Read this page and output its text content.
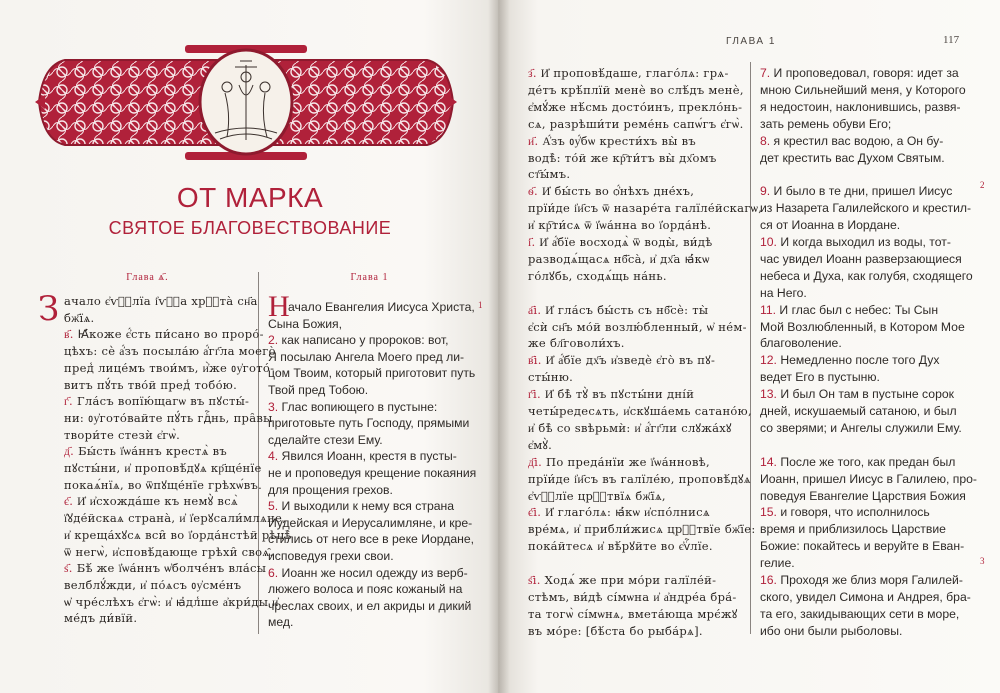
ОТ МАРКА
СВЯТОЕ БЛАГОВЕСТВОВАНИЕ
Глава ѧ҃.	Глава 1
З ачало є҆ѵⷢ҇лїа і҆ѵⷭ҇а хрⷭ҇та̀ сн҃а
бж҃їѧ.
в҃. Ꙗ҆́коже є҆́сть пи́сано во проро́-
цѣхъ: сѐ а҆́зъ посыла́ю а҆́гг҃ла моего̀
пред̾ лице́мъ твои́мъ, и҆̀же ᲂу҆гото́-
витъ пꙋ́ть тво́й пред̾ тобо́ю.
г҃. Гла́съ вопїю́щагѡ въ пꙋсты́-
ни: ᲂу҆гото́вайте пꙋ́ть гдⷭ҇нь, пра̑вы
твори́те стезѝ є҆гѡ̀.
д҃. Бы́сть ї҆ѡа́ннъ крестѧ̀ въ
пꙋсты́ни, и҆ проповѣ́дꙋѧ кр҃ще́нїе
покаѧ́нїѧ, во ѿпꙋще́нїе грѣхѡ́въ.
є҃. И҆ и҆схожда́ше къ немꙋ̀ всѧ̀
ї҆ꙋде́йскаѧ страна̀, и҆ ї҆ерꙋсали́млѧне,
и҆ креща́хꙋсѧ вси̑ во ї҆орда́нстѣй рѣцѣ̀
ѿ негѡ̀, и҆сповѣ́дающе грѣхи̑ своѧ̑.
ѕ҃. Бѣ́ же ї҆ѡа́ннъ ѡ҆болче́нъ вла́сы
велблꙋ́жди, и҆ по́ѧсъ ᲂу҆сме́нъ
ѡ҆ чре́слѣхъ є҆гѡ̀: и҆ ꙗ҆дл̾ше а҆кри́ды и҆
ме́дъ ди́вїй.
Н
ачало Евангелия Иисуса Христа,
Сына Божия,
2. как написано у пророков: вот,
Я посылаю Ангела Моего пред ли-
цом Твоим, который приготовит путь
Твой пред Тобою.
3. Глас вопиющего в пустыне:
приготовьте путь Господу, прямыми
сделайте стези Ему.
4. Явился Иоанн, крестя в пусты-
не и проповедуя крещение покаяния
для прощения грехов.
5. И выходили к нему вся страна
Иудейская и Иерусалимляне, и кре-
стились от него все в реке Иордане,
исповедуя грехи свои.
6. Иоанн же носил одежду из верб-
люжего волоса и пояс кожаный на
чреслах своих, и ел акриды и дикий
мед.
1
ГЛАВА 1	117
з҃. И҆ проповѣ́даше, глаго́лѧ: грѧ-
де́тъ крѣ́плїй менѐ во слѣ́дъ менѐ,
є҆мꙋ́же нѣ́смь досто́инъ, прекло́нь-
сѧ, разрѣши́ти реме́нь сапѡ́гъ є҆гѡ̀.
и҃. А҆́зъ ᲂу҆́бѡ крести́хъ вы̀ въ
водѣ̀: то́й же кр҇ти́тъ вы̀ дх҃омъ
ст҃ы́мъ.
ѳ҃. И҆ бы́сть во ѻ҆́нѣхъ дне́хъ,
прїи́де і҆и҃съ ѿ назаре́та галїле́йскагѡ,
и҆ кр҇ти́сѧ ѿ ї҆ѡа́нна во ї҆орда́нѣ.
і҃. И҆ а҆́бїе восходѧ̀ ѿ воды̀, ви́дѣ
разводѧ́щасѧ нб҃са̀, и҆ дх҃а ꙗ҆́кѡ
го́лꙋбь, сходѧ́щь на́нь.
а҃i. И҆ гла́съ бы́сть съ нб҃сѐ: ты̀
є҆сѝ сн҃ъ мо́й возлю́бленный, ѡ҆ не́м-
же бл҃говоли́хъ.
в҃i. И҆ а҆́бїе дх҃ъ и҆зведѐ є҆го̀ въ пꙋ-
сты́ню.
г҃i. И҆ бѣ̀ тꙋ̀ въ пꙋсты́ни дні́й
четы́редесѧть, и҆скꙋша́емь сатано́ю,
и҆ бѣ̀ со ѕвѣрьмѝ: и҆ а҆́гг҃ли слꙋжа́хꙋ
є҆мꙋ̀.
д҃i. По преда́нїи же ї҆ѡа́нновѣ,
прїи́де і҆и҃съ въ галїле́ю, проповѣ́дꙋѧ
є҆ѵⷢ҇лїе црⷭ҇твїѧ бж҃їѧ,
є҃i. И҆ глаго́лѧ: ꙗ҆́кѡ и҆спо́лнисѧ
вре́мѧ, и҆ прибли́жисѧ црⷭ҇твїе бж҃їе:
пока́йтесѧ и҆ вѣ́рꙋйте во є҆ѵⷢ҇лїе.
ѕ҃i. Ходѧ́ же при мо́ри галїле́й-
стѣмъ, ви́дѣ сі́мѡна и҆ а҆ндре́а бра́-
та тогѡ̀ сі́мѡнѧ, вмета́юща мрє́жꙋ
въ мо́ре: [бѣ́ста бо рыба́рѧ].
7. И проповедовал, говоря: идет за
мною Сильнейший меня, у Которого
я недостоин, наклонившись, развя-
зать ремень обуви Его;
8. я крестил вас водою, а Он бу-
дет крестить вас Духом Святым.
9. И было в те дни, пришел Иисус
из Назарета Галилейского и крестил-
ся от Иоанна в Иордане.
10. И когда выходил из воды, тот-
час увидел Иоанн разверзающиеся
небеса и Духа, как голубя, сходящего
на Него.
11. И глас был с небес: Ты Сын
Мой Возлюбленный, в Котором Мое
благоволение.
12. Немедленно после того Дух
ведет Его в пустыню.
13. И был Он там в пустыне сорок
дней, искушаемый сатаною, и был
со зверями; и Ангелы служили Ему.
14. После же того, как предан был
Иоанн, пришел Иисус в Галилею, про-
поведуя Евангелие Царствия Божия
15. и говоря, что исполнилось
время и приблизилось Царствие
Божие: покайтесь и веруйте в Еван-
гелие.
16. Проходя же близ моря Галилей-
ского, увидел Симона и Андрея, бра-
та его, закидывающих сети в море,
ибо они были рыболовы.
2
3
